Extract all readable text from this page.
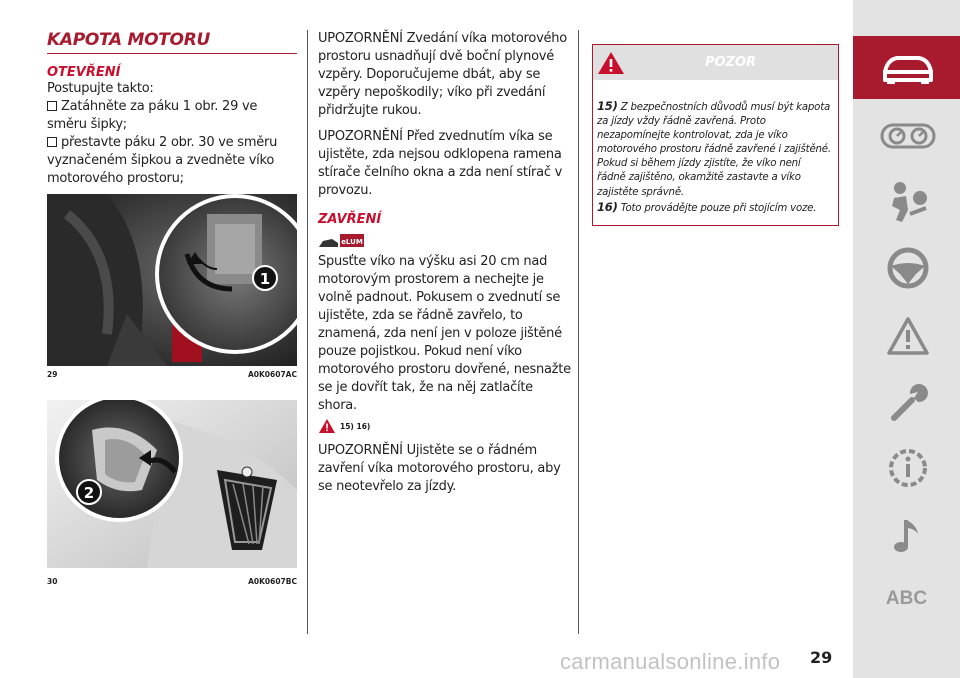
KAPOTA MOTORU
OTEVŘENÍ
Postupujte takto:
Zatáhněte za páku 1 obr. 29 ve směru šipky;
přestavte páku 2 obr. 30 ve směru vyznačeném šipkou a zvedněte víko motorového prostoru;
1
29	A0K0607AC
2
30	A0K0607BC
UPOZORNĚNÍ Zvedání víka motorového prostoru usnadňují dvě boční plynové vzpěry. Doporučujeme dbát, aby se vzpěry nepoškodily; víko při zvedání přidržujte rukou.
UPOZORNĚNÍ Před zvednutím víka se ujistěte, zda nejsou odklopena ramena stírače čelního okna a zda není stírač v provozu.
ZAVŘENÍ
eLUM
Spusťte víko na výšku asi 20 cm nad motorovým prostorem a nechejte je volně padnout. Pokusem o zvednutí se ujistěte, zda se řádně zavřelo, to znamená, zda není jen v poloze jištěné pouze pojistkou. Pokud není víko motorového prostoru dovřené, nesnažte se je dovřít tak, že na něj zatlačíte shora.
15) 16)
UPOZORNĚNÍ Ujistěte se o řádném zavření víka motorového prostoru, aby se neotevřelo za jízdy.
POZOR
15) Z bezpečnostních důvodů musí být kapota za jízdy vždy řádně zavřená. Proto nezapomínejte kontrolovat, zda je víko motorového prostoru řádně zavřené i zajištěné. Pokud si během jízdy zjistíte, že víko není řádně zajištěno, okamžitě zastavte a víko zajistěte správně.
16) Toto provádějte pouze při stojícím voze.
ABC
carmanualsonline.info 29
